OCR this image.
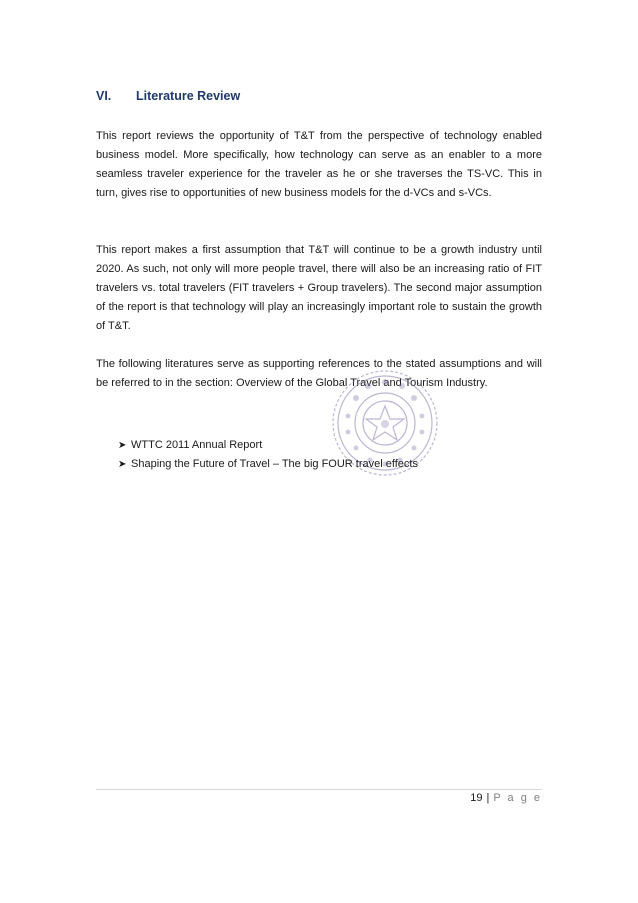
VI.	Literature Review

This report reviews the opportunity of T&T from the perspective of technology enabled business model. More specifically, how technology can serve as an enabler to a more seamless traveler experience for the traveler as he or she traverses the TS-VC. This in turn, gives rise to opportunities of new business models for the d-VCs and s-VCs.

This report makes a first assumption that T&T will continue to be a growth industry until 2020. As such, not only will more people travel, there will also be an increasing ratio of FIT travelers vs. total travelers (FIT travelers + Group travelers). The second major assumption of the report is that technology will play an increasingly important role to sustain the growth of T&T.

The following literatures serve as supporting references to the stated assumptions and will be referred to in the section: Overview of the Global Travel and Tourism Industry.

➤ WTTC 2011 Annual Report
➤ Shaping the Future of Travel – The big FOUR travel effects
19 | P a g e
